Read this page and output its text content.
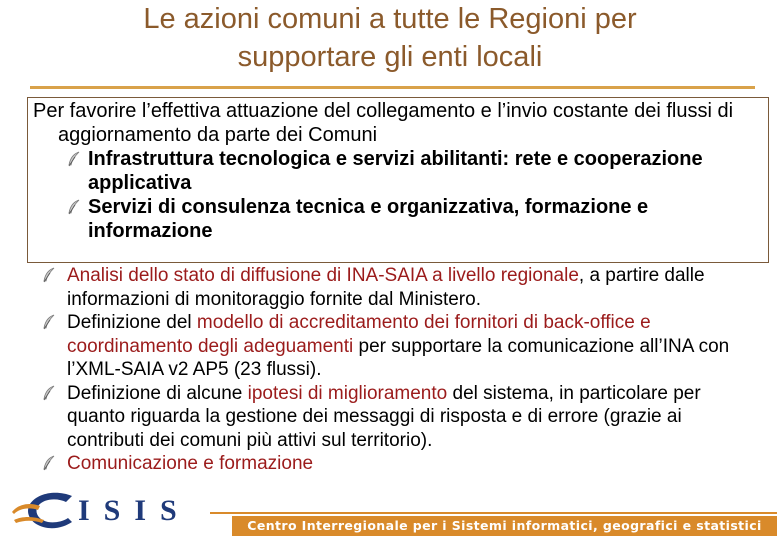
Le azioni comuni a tutte le Regioni per
supportare gli enti locali
Per favorire l’effettiva attuazione del collegamento e l’invio costante dei flussi di aggiornamento da parte dei Comuni
Infrastruttura tecnologica e servizi abilitanti: rete e cooperazione applicativa
Servizi di consulenza tecnica e organizzativa, formazione e informazione
Analisi dello stato di diffusione di INA-SAIA a livello regionale, a partire dalle informazioni di monitoraggio fornite dal Ministero.
Definizione del modello di accreditamento dei fornitori di back-office e coordinamento degli adeguamenti per supportare la comunicazione all’INA con l’XML-SAIA v2 AP5 (23 flussi).
Definizione di alcune ipotesi di miglioramento del sistema, in particolare per quanto riguarda la gestione dei messaggi di risposta e di errore (grazie ai contributi dei comuni più attivi sul territorio).
Comunicazione e formazione
ISIS	Centro Interregionale per i Sistemi informatici, geografici e statistici
